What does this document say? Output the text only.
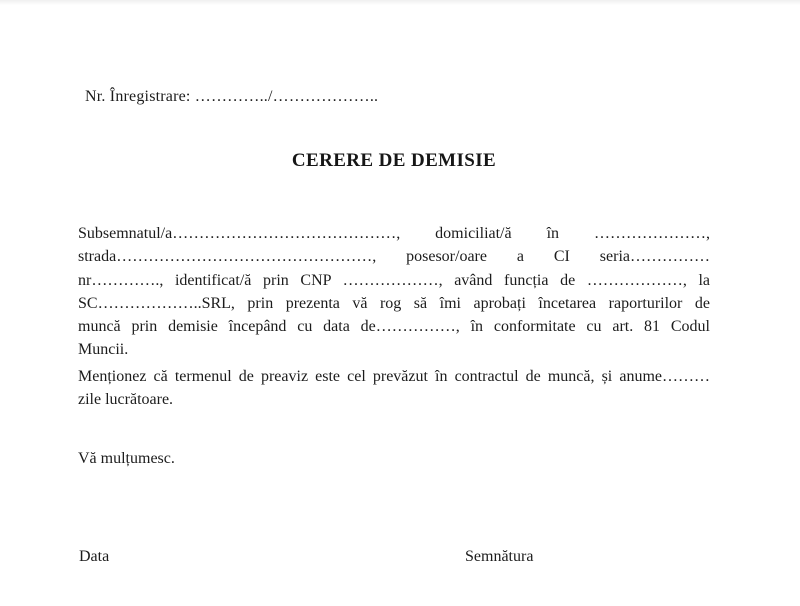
Nr. Înregistrare: …………../………………..
CERERE DE DEMISIE
Subsemnatul/a……………………………………, domiciliat/ă în …………………,
strada…………………………………………, posesor/oare a CI seria……………
nr…………., identificat/ă prin CNP ………………, având funcția de ………………, la
SC………………..SRL, prin prezenta vă rog să îmi aprobați încetarea raporturilor de
muncă prin demisie începând cu data de……………, în conformitate cu art. 81 Codul
Muncii.
Menționez că termenul de preaviz este cel prevăzut în contractul de muncă, și anume………
zile lucrătoare.
Vă mulțumesc.
Data	Semnătura
